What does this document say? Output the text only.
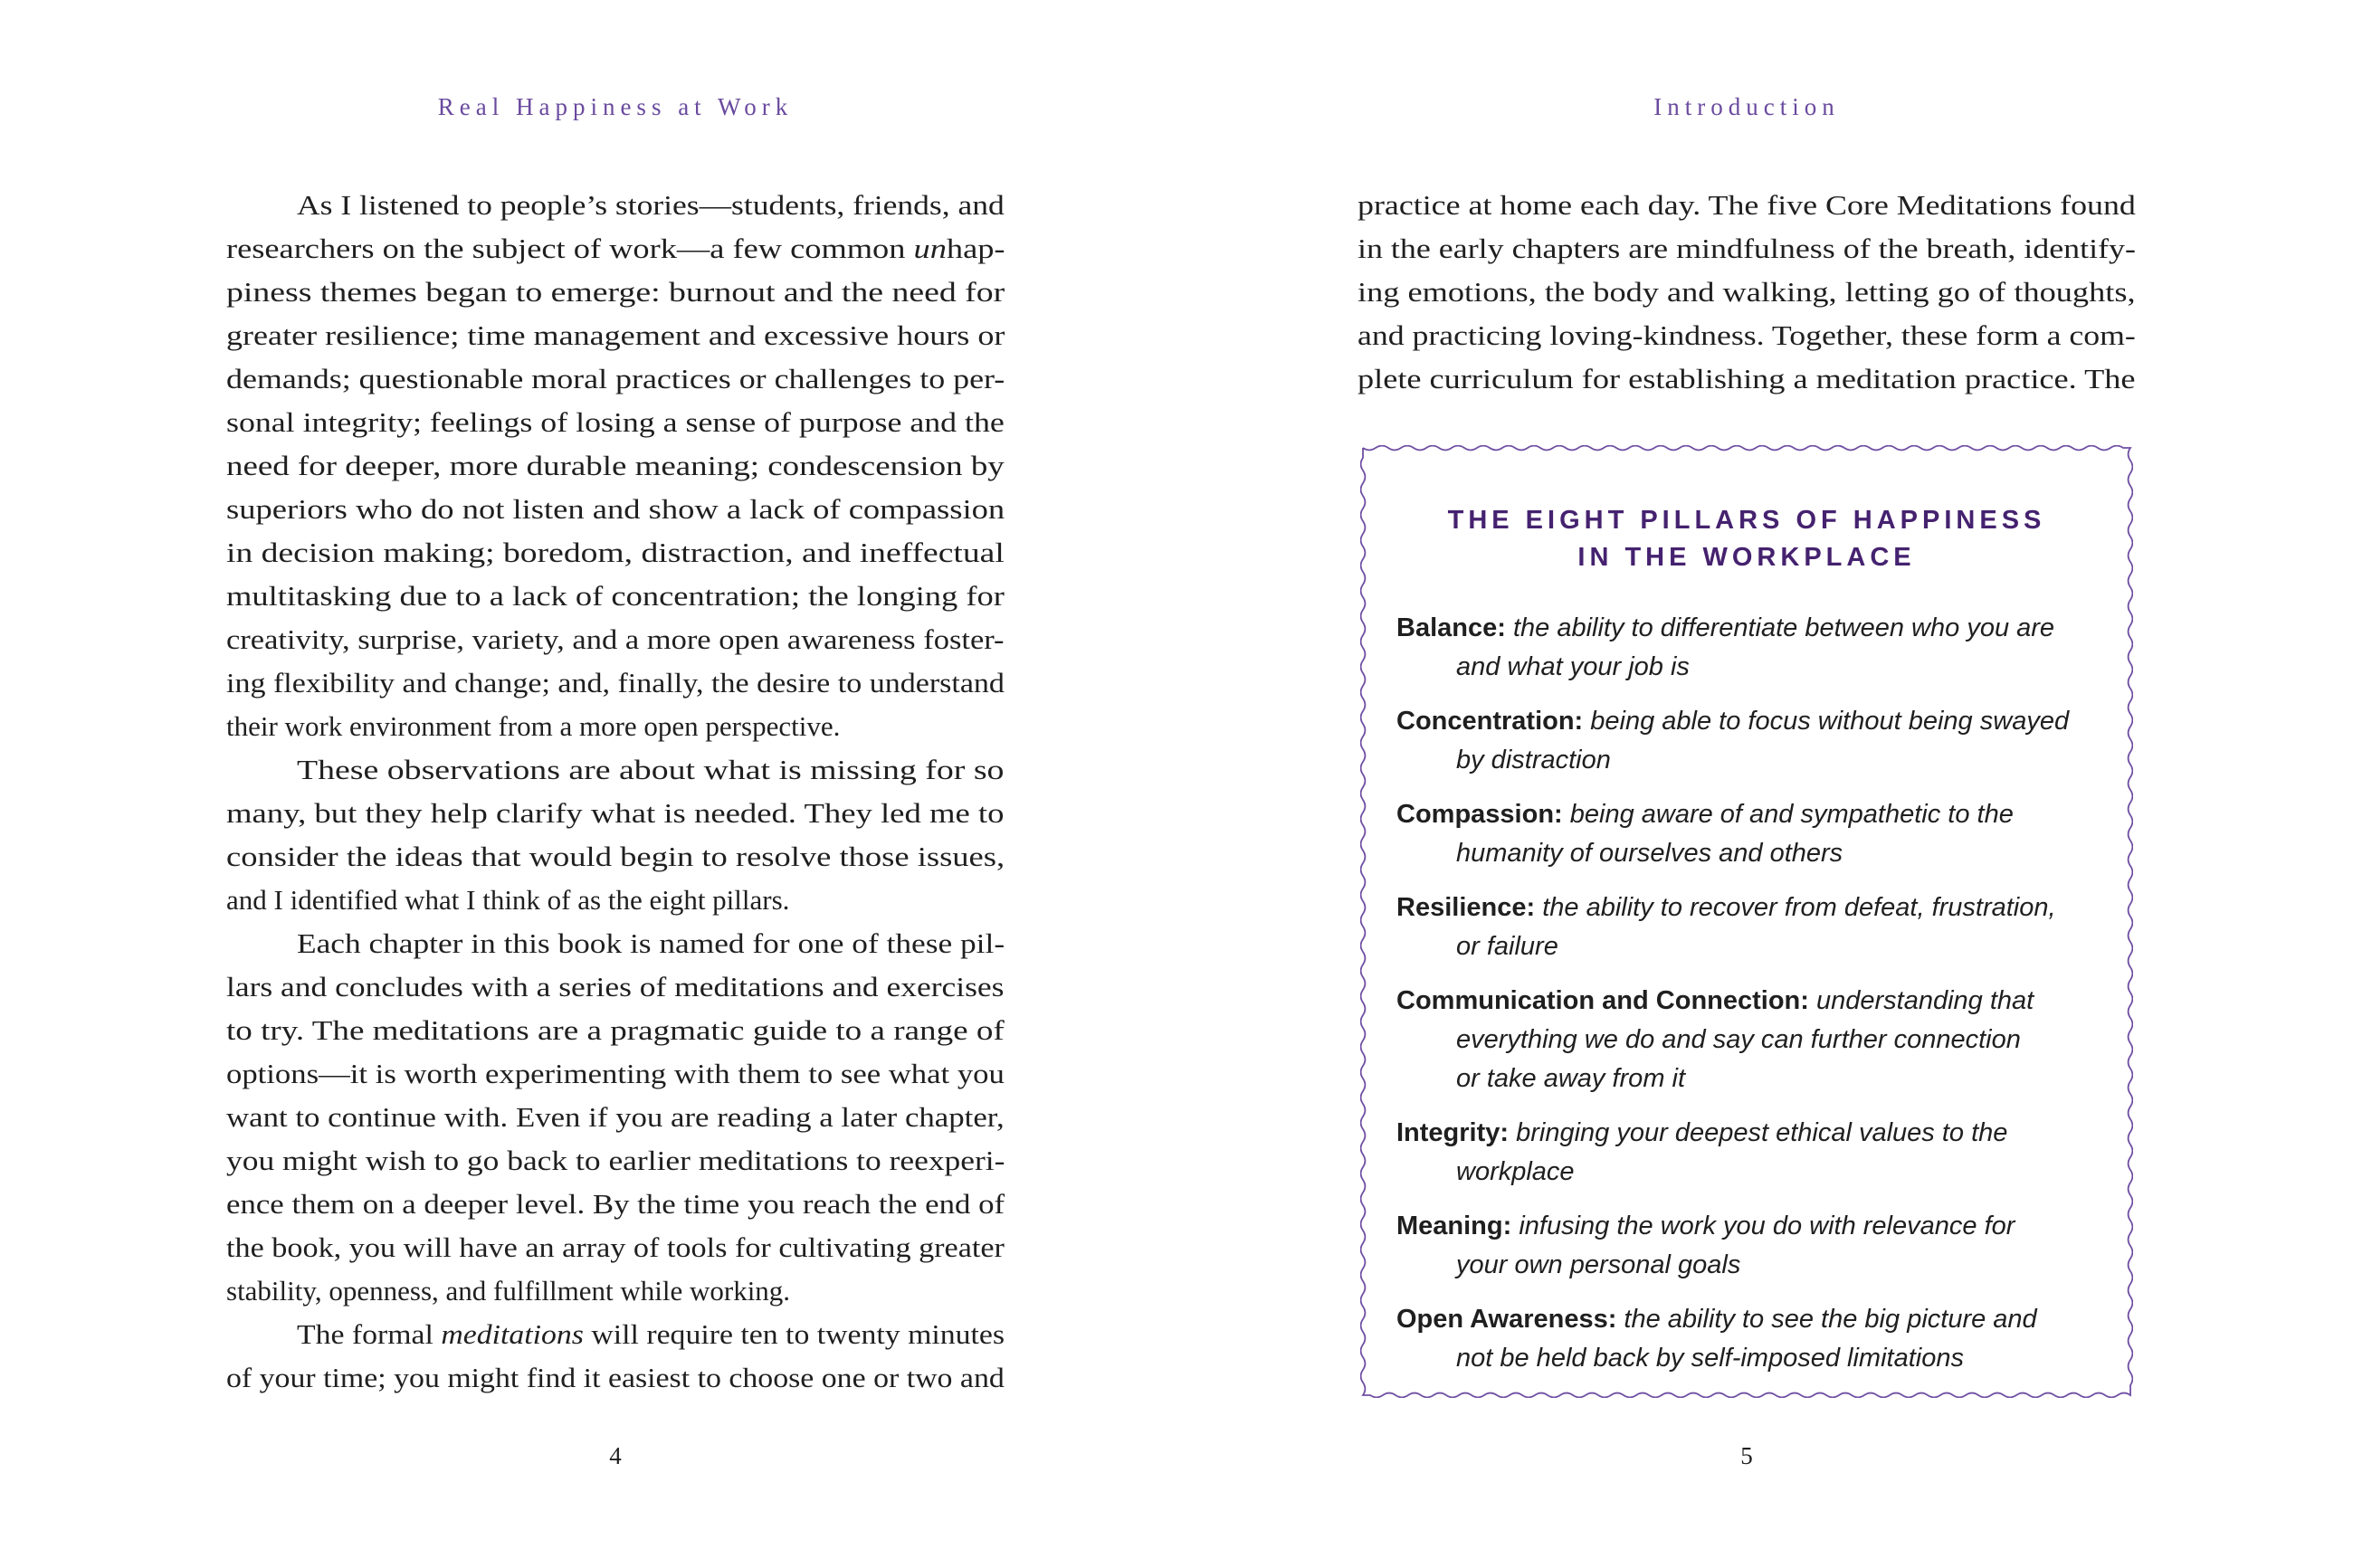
Real Happiness at Work	Introduction
As I listened to people’s stories—students, friends, and
researchers on the subject of work—a few common unhap-
piness themes began to emerge: burnout and the need for
greater resilience; time management and excessive hours or
demands; questionable moral practices or challenges to per-
sonal integrity; feelings of losing a sense of purpose and the
need for deeper, more durable meaning; condescension by
superiors who do not listen and show a lack of compassion
in decision making; boredom, distraction, and ineffectual
multitasking due to a lack of concentration; the longing for
creativity, surprise, variety, and a more open awareness foster-
ing flexibility and change; and, finally, the desire to understand
their work environment from a more open perspective.
These observations are about what is missing for so
many, but they help clarify what is needed. They led me to
consider the ideas that would begin to resolve those issues,
and I identified what I think of as the eight pillars.
Each chapter in this book is named for one of these pil-
lars and concludes with a series of meditations and exercises
to try. The meditations are a pragmatic guide to a range of
options—it is worth experimenting with them to see what you
want to continue with. Even if you are reading a later chapter,
you might wish to go back to earlier meditations to reexperi-
ence them on a deeper level. By the time you reach the end of
the book, you will have an array of tools for cultivating greater
stability, openness, and fulfillment while working.
The formal meditations will require ten to twenty minutes
of your time; you might find it easiest to choose one or two and
practice at home each day. The five Core Meditations found
in the early chapters are mindfulness of the breath, identify-
ing emotions, the body and walking, letting go of thoughts,
and practicing loving-kindness. Together, these form a com-
plete curriculum for establishing a meditation practice. The
THE EIGHT PILLARS OF HAPPINESS
IN THE WORKPLACE
Balance: the ability to differentiate between who you are
and what your job is
Concentration: being able to focus without being swayed
by distraction
Compassion: being aware of and sympathetic to the
humanity of ourselves and others
Resilience: the ability to recover from defeat, frustration,
or failure
Communication and Connection: understanding that
everything we do and say can further connection
or take away from it
Integrity: bringing your deepest ethical values to the
workplace
Meaning: infusing the work you do with relevance for
your own personal goals
Open Awareness: the ability to see the big picture and
not be held back by self-imposed limitations
4	5
